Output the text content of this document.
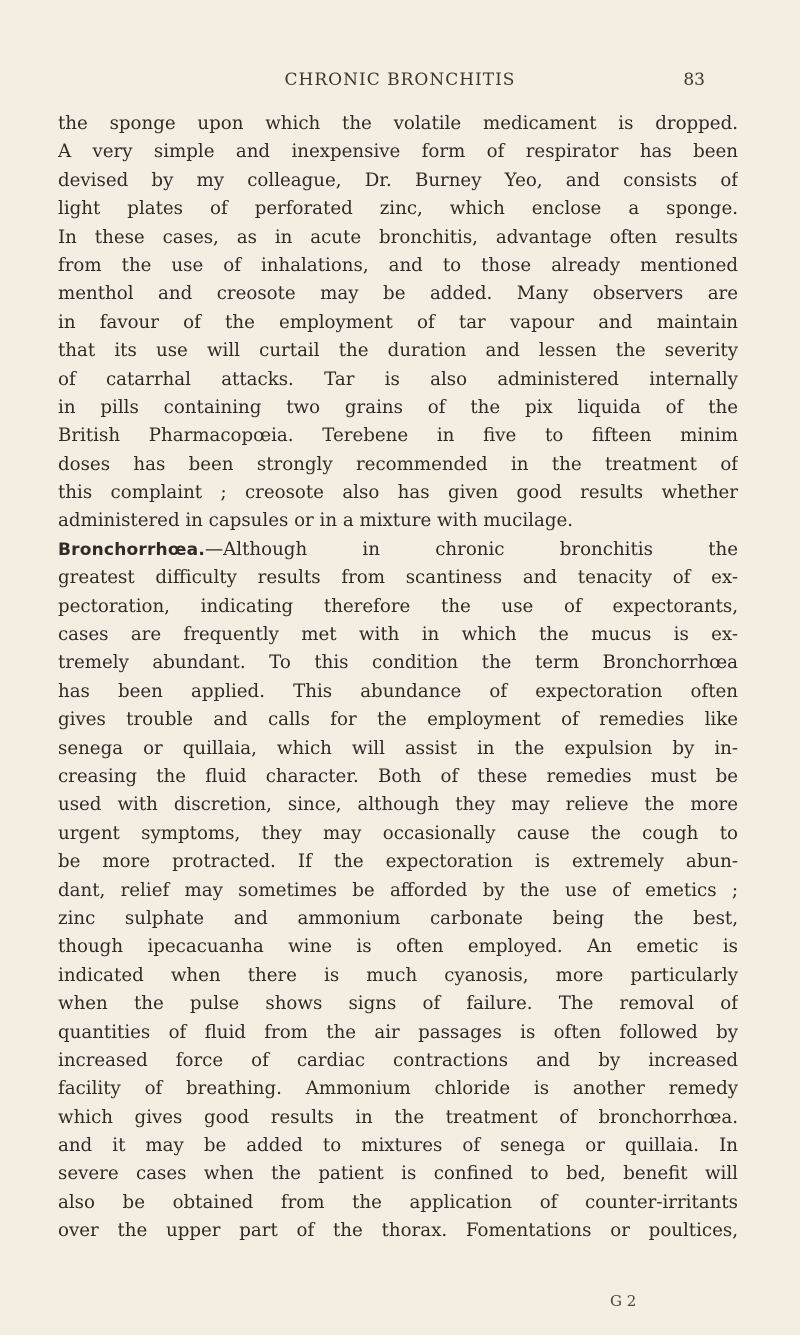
CHRONIC BRONCHITIS	83
the sponge upon which the volatile medicament is dropped.
A very simple and inexpensive form of respirator has been
devised by my colleague, Dr. Burney Yeo, and consists of
light plates of perforated zinc, which enclose a sponge.
In these cases, as in acute bronchitis, advantage often results
from the use of inhalations, and to those already mentioned
menthol and creosote may be added. Many observers are
in favour of the employment of tar vapour and maintain
that its use will curtail the duration and lessen the severity
of catarrhal attacks. Tar is also administered internally
in pills containing two grains of the pix liquida of the
British Pharmacopœia. Terebene in five to fifteen minim
doses has been strongly recommended in the treatment of
this complaint ; creosote also has given good results whether
administered in capsules or in a mixture with mucilage.
Bronchorrhœa.—Although in chronic bronchitis the
greatest difficulty results from scantiness and tenacity of ex-
pectoration, indicating therefore the use of expectorants,
cases are frequently met with in which the mucus is ex-
tremely abundant. To this condition the term Bronchorrhœa
has been applied. This abundance of expectoration often
gives trouble and calls for the employment of remedies like
senega or quillaia, which will assist in the expulsion by in-
creasing the fluid character. Both of these remedies must be
used with discretion, since, although they may relieve the more
urgent symptoms, they may occasionally cause the cough to
be more protracted. If the expectoration is extremely abun-
dant, relief may sometimes be afforded by the use of emetics ;
zinc sulphate and ammonium carbonate being the best,
though ipecacuanha wine is often employed. An emetic is
indicated when there is much cyanosis, more particularly
when the pulse shows signs of failure. The removal of
quantities of fluid from the air passages is often followed by
increased force of cardiac contractions and by increased
facility of breathing. Ammonium chloride is another remedy
which gives good results in the treatment of bronchorrhœa.
and it may be added to mixtures of senega or quillaia. In
severe cases when the patient is confined to bed, benefit will
also be obtained from the application of counter-irritants
over the upper part of the thorax. Fomentations or poultices,
G 2
